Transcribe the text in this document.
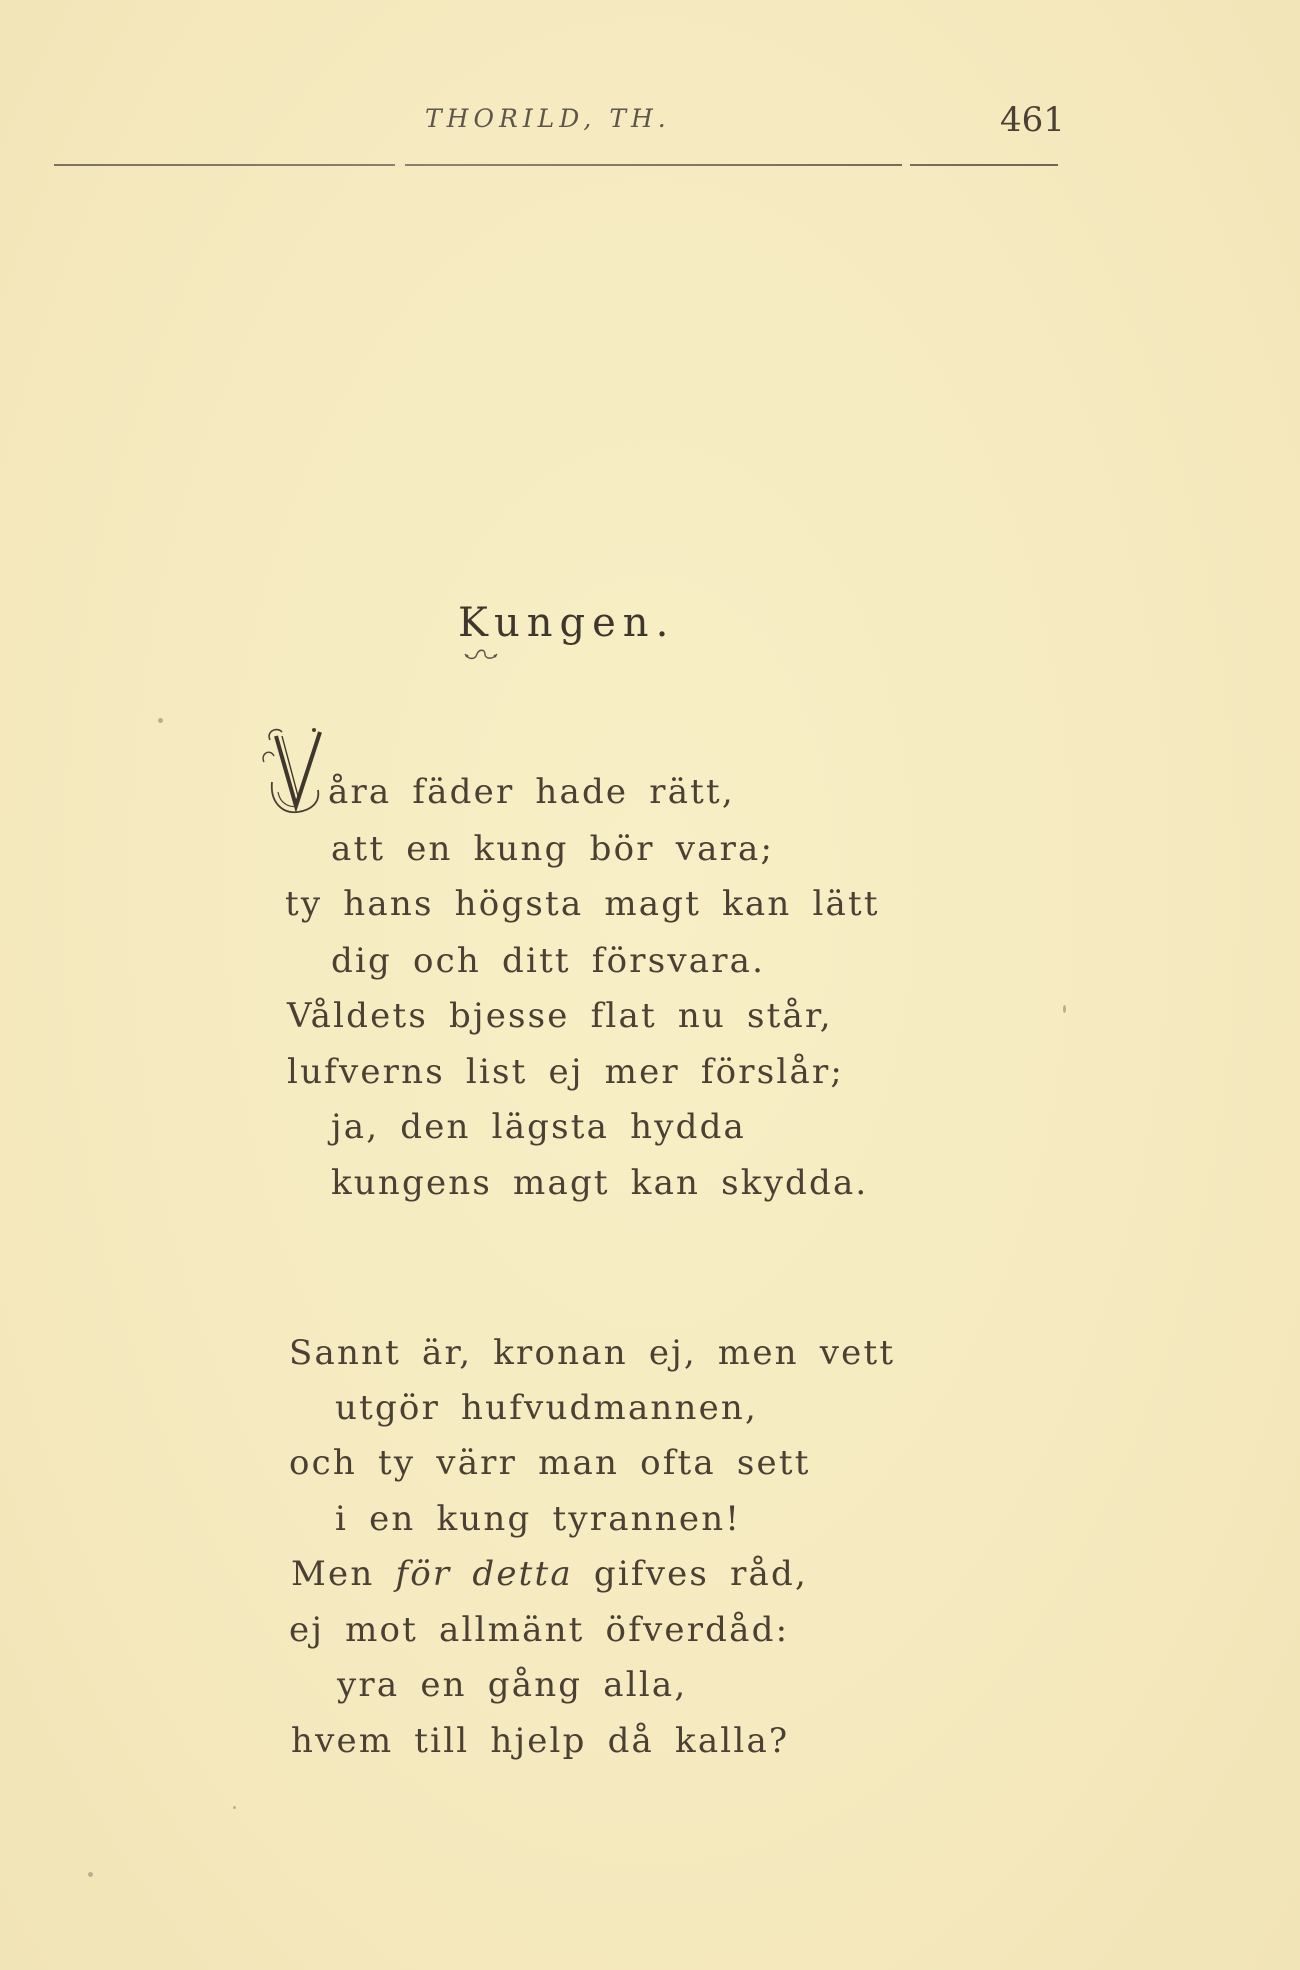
THORILD, TH.	461
Kungen.
åra fäder hade rätt,
att en kung bör vara;
ty hans högsta magt kan lätt
dig och ditt försvara.
Våldets bjesse flat nu står,
lufverns list ej mer förslår;
ja, den lägsta hydda
kungens magt kan skydda.
Sannt är, kronan ej, men vett
utgör hufvudmannen,
och ty värr man ofta sett
i en kung tyrannen!
Men för detta gifves råd,
ej mot allmänt öfverdåd:
yra en gång alla,
hvem till hjelp då kalla?
